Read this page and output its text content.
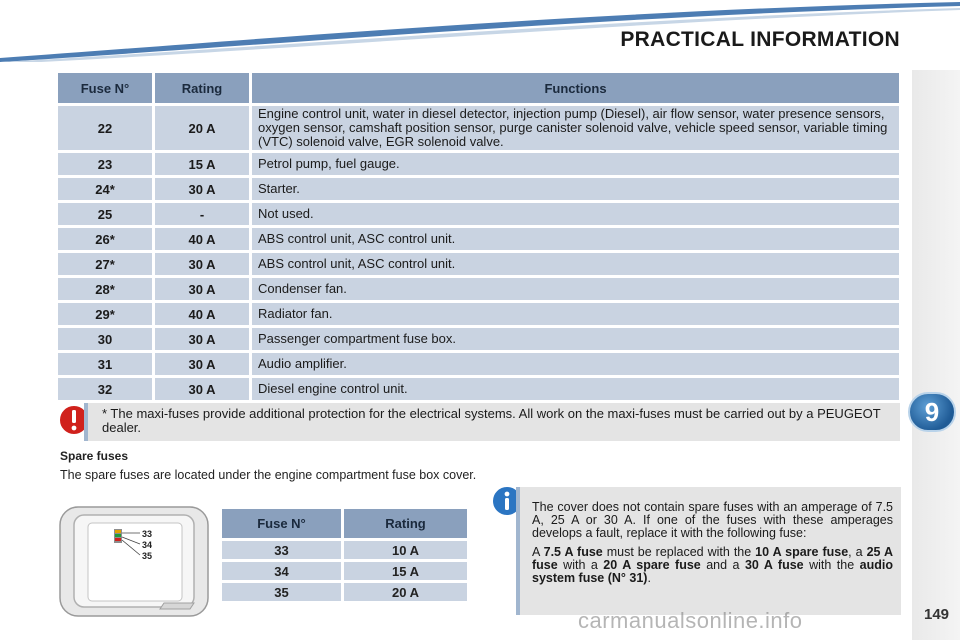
PRACTICAL INFORMATION
9
Fuse N°	Rating	Functions
22	20 A	Engine control unit, water in diesel detector, injection pump (Diesel), air flow sensor, water presence sensors, oxygen sensor, camshaft position sensor, purge canister solenoid valve, vehicle speed sensor, variable timing (VTC) solenoid valve, EGR solenoid valve.
23	15 A	Petrol pump, fuel gauge.
24*	30 A	Starter.
25	-	Not used.
26*	40 A	ABS control unit, ASC control unit.
27*	30 A	ABS control unit, ASC control unit.
28*	30 A	Condenser fan.
29*	40 A	Radiator fan.
30	30 A	Passenger compartment fuse box.
31	30 A	Audio amplifier.
32	30 A	Diesel engine control unit.
* The maxi-fuses provide additional protection for the electrical systems. All work on the maxi-fuses must be carried out by a PEUGEOT dealer.
Spare fuses
The spare fuses are located under the engine compartment fuse box cover.
33
34
35
Fuse N°	Rating
33	10 A
34	15 A
35	20 A

The cover does not contain spare fuses with an amperage of 7.5 A, 25 A or 30 A. If one of the fuses with these amperages develops a fault, replace it with the following fuse:

A 7.5 A fuse must be replaced with the 10 A spare fuse, a 25 A fuse with a 20 A spare fuse and a 30 A fuse with the audio system fuse (N° 31).

carmanualsonline.info	149
